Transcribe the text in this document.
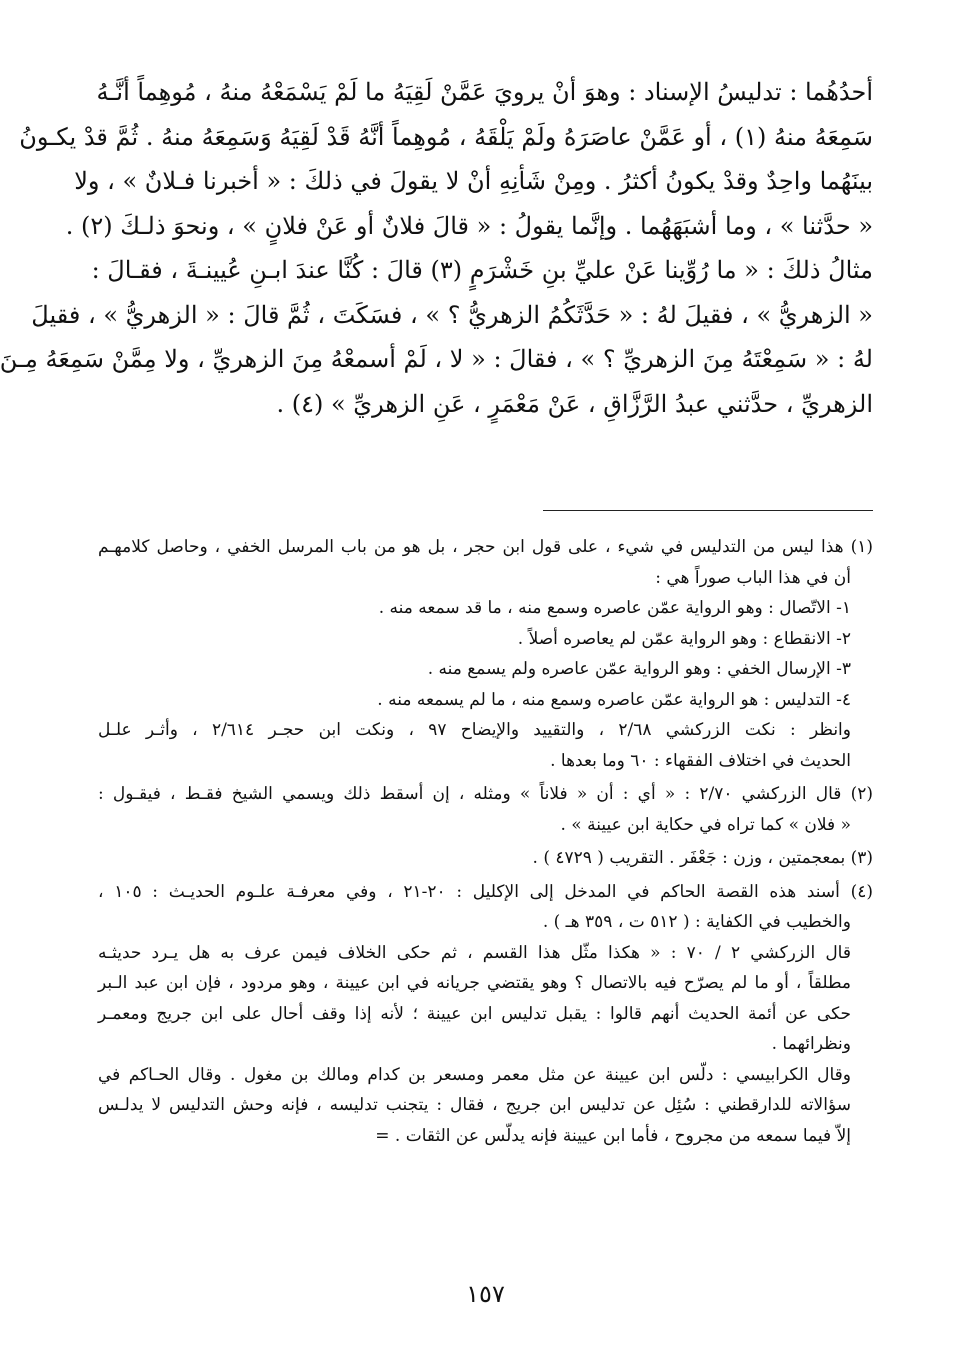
أحدُهُما : تدليسُ الإسناد : وهوَ أنْ يرويَ عَمَّنْ لَقِيَهُ ما لَمْ يَسْمَعْهُ منهُ ، مُوهِماً أنَّـهُ
سَمِعَهُ منهُ (١) ، أو عَمَّنْ عاصَرَهُ ولَمْ يَلْقَهُ ، مُوهِماً أنَّهُ قَدْ لَقِيَهُ وَسَمِعَهُ منهُ . ثُمَّ قدْ يكـونُ
بينَهُما واحِدٌ وقدْ يكونُ أكثرُ . ومِنْ شَأنِهِ أنْ لا يقولَ في ذلكَ : « أخبرنا فـلانٌ » ، ولا
« حدَّثنا » ، وما أشبَهَهُما . وإنَّما يقولُ : « قالَ فلانٌ أو عَنْ فلانٍ » ، ونحوَ ذلـكَ (٢) .
مثالُ ذلكَ : « ما رُوِّينا عَنْ عليِّ بنِ خَشْرَمٍ (٣) قالَ : كُنَّا عندَ ابـنِ عُيينـةَ ، فقـالَ :
« الزهريُّ » ، فقيلَ لهُ : « حَدَّثَكُمُ الزهريُّ ؟ » ، فسَكَتَ ، ثُمَّ قالَ : « الزهريُّ » ، فقيلَ
لهُ : « سَمِعْتَهُ مِنَ الزهريِّ ؟ » ، فقالَ : « لا ، لَمْ أسمعْهُ مِنَ الزهريِّ ، ولا مِمَّنْ سَمِعَهُ مِـنَ
الزهريِّ ، حدَّثني عبدُ الرَّزَّاقِ ، عَنْ مَعْمَرٍ ، عَنِ الزهريِّ » (٤) .
(١) هذا ليس من التدليس في شيء ، على قول ابن حجر ، بل هو من باب المرسل الخفي ، وحاصل كلامهـم
أن في هذا الباب صوراً هي :
١- الاتّصال : وهو الرواية عمّن عاصره وسمع منه ، ما قد سمعه منه .
٢- الانقطاع : وهو الرواية عمّن لم يعاصره أصلاً .
٣- الإرسال الخفي : وهو الرواية عمّن عاصره ولم يسمع منه .
٤- التدليس : هو الرواية عمّن عاصره وسمع منه ، ما لم يسمعه منه .
وانظر : نكت الزركشي ٢/٦٨ ، والتقييد والإيضاح ٩٧ ، ونكت ابن حجـر ٢/٦١٤ ، وأثـر علـل
الحديث في اختلاف الفقهاء : ٦٠ وما بعدها .
(٢) قال الزركشي ٢/٧٠ : « أي : أن « فلاناً » ومثله ، إن أسقط ذلك ويسمي الشيخ فقـط ، فيقـول :
« فلان » كما تراه في حكاية ابن عيينة » .
(٣) بمعجمتين ، وزن : جَعْفَر . التقريب ( ٤٧٢٩ ) .
(٤) أسند هذه القصة الحاكم في المدخل إلى الإكليل : ٢٠-٢١ ، وفي معرفـة علـوم الحديـث : ١٠٥ ،
والخطيب في الكفاية : ( ٥١٢ ت ، ٣٥٩ هـ ) .
قال الزركشي ٢ / ٧٠ : « هكذا مثّل هذا القسم ، ثم حكى الخلاف فيمن عرف به هل يـرد حديثـه
مطلقاً ، أو ما لم يصرّح فيه بالاتصال ؟ وهو يقتضي جريانه في ابن عيينة ، وهو مردود ، فإن ابن عبد الـبر
حكى عن أئمة الحديث أنهم قالوا : يقبل تدليس ابن عيينة ؛ لأنه إذا وقف أحال على ابن جريج ومعمـر
ونظرائهما .
وقال الكرابيسي : دلّس ابن عيينة عن مثل معمر ومسعر بن كدام ومالك بن مغول . وقال الحـاكم في
سؤالاته للدارقطني : سُئِل عن تدليس ابن جريج ، فقال : يتجنب تدليسه ، فإنه وحش التدليس لا يدلـس
إلاّ فيما سمعه من مجروح ، فأما ابن عيينة فإنه يدلّس عن الثقات . =
١٥٧
